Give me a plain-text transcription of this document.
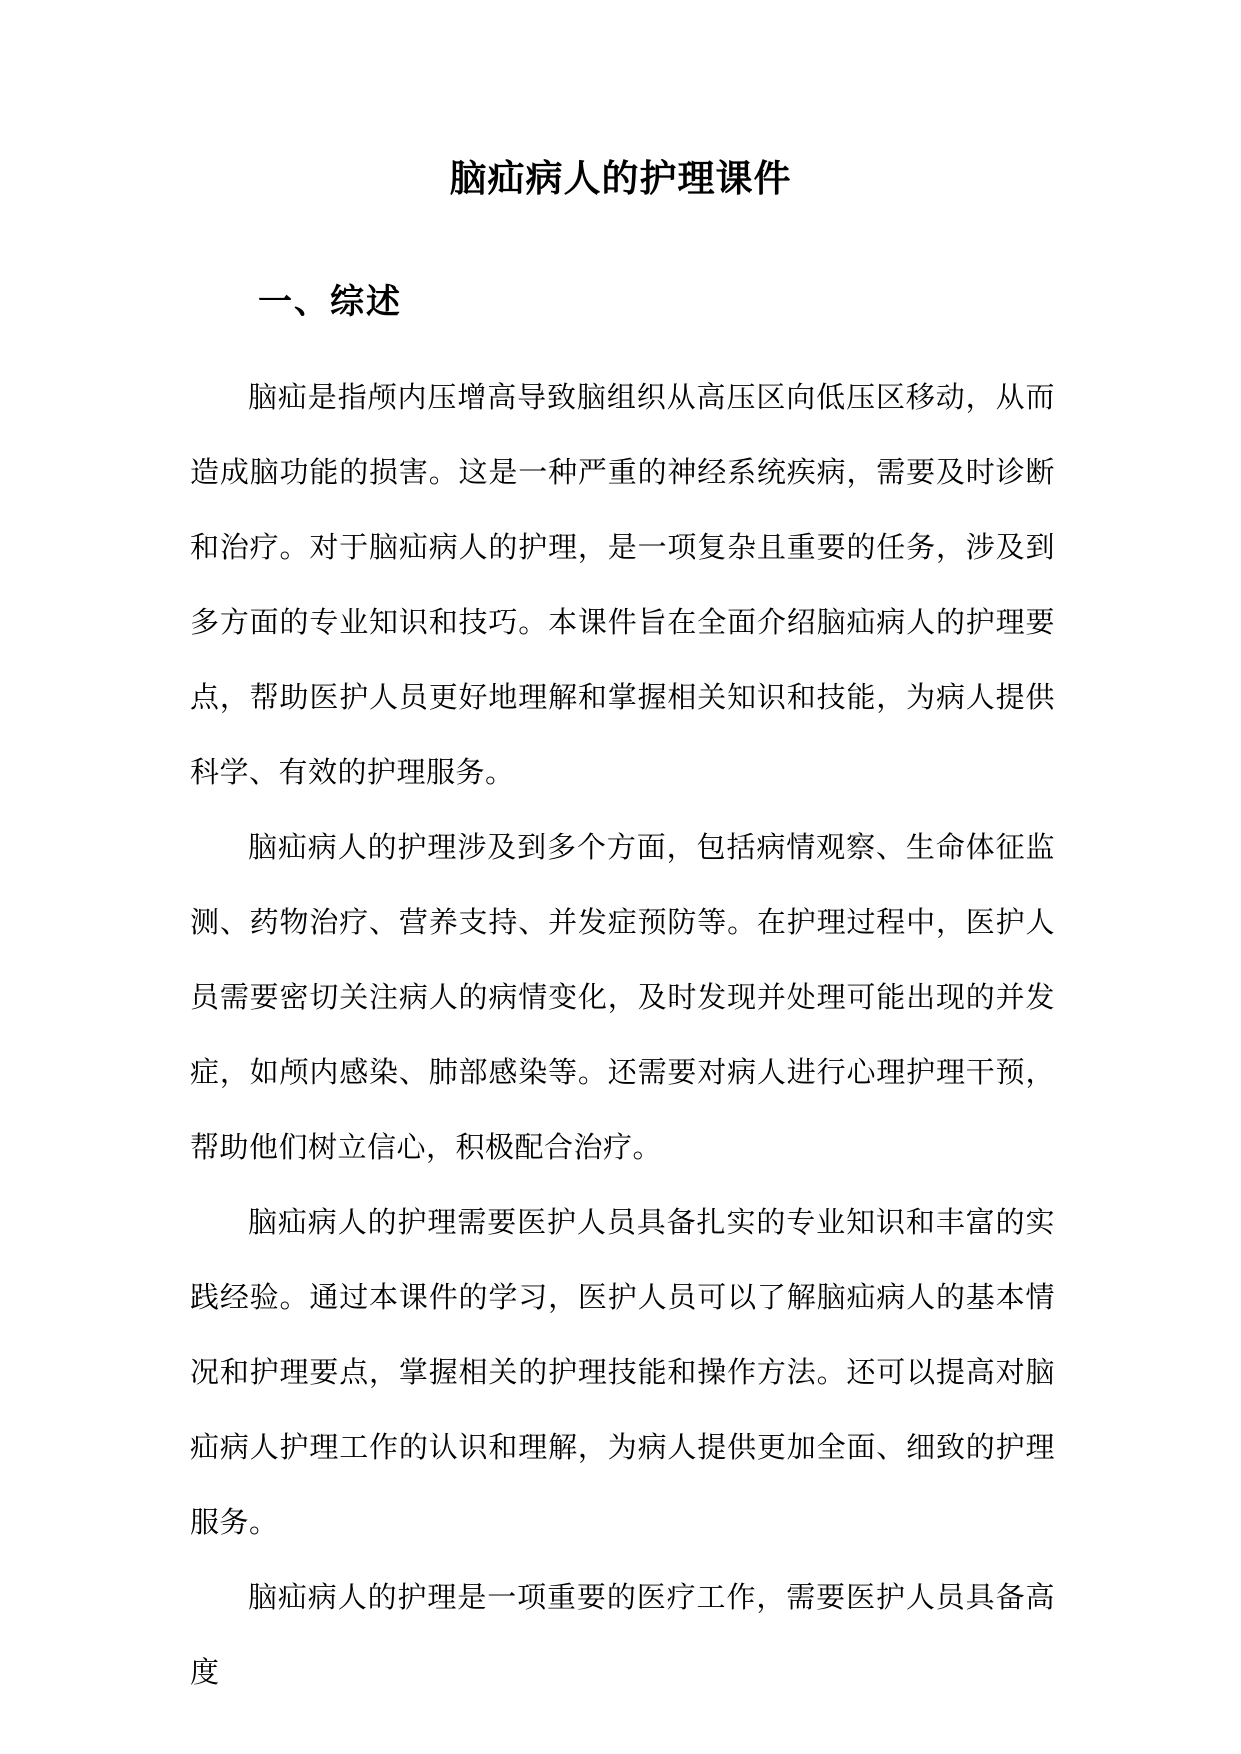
脑疝病人的护理课件
一、综述

脑疝是指颅内压增高导致脑组织从高压区向低压区移动，从而造成脑功能的损害。这是一种严重的神经系统疾病，需要及时诊断和治疗。对于脑疝病人的护理，是一项复杂且重要的任务，涉及到多方面的专业知识和技巧。本课件旨在全面介绍脑疝病人的护理要点，帮助医护人员更好地理解和掌握相关知识和技能，为病人提供科学、有效的护理服务。

脑疝病人的护理涉及到多个方面，包括病情观察、生命体征监测、药物治疗、营养支持、并发症预防等。在护理过程中，医护人员需要密切关注病人的病情变化，及时发现并处理可能出现的并发症，如颅内感染、肺部感染等。还需要对病人进行心理护理干预，帮助他们树立信心，积极配合治疗。

脑疝病人的护理需要医护人员具备扎实的专业知识和丰富的实践经验。通过本课件的学习，医护人员可以了解脑疝病人的基本情况和护理要点，掌握相关的护理技能和操作方法。还可以提高对脑疝病人护理工作的认识和理解，为病人提供更加全面、细致的护理服务。

脑疝病人的护理是一项重要的医疗工作，需要医护人员具备高度
